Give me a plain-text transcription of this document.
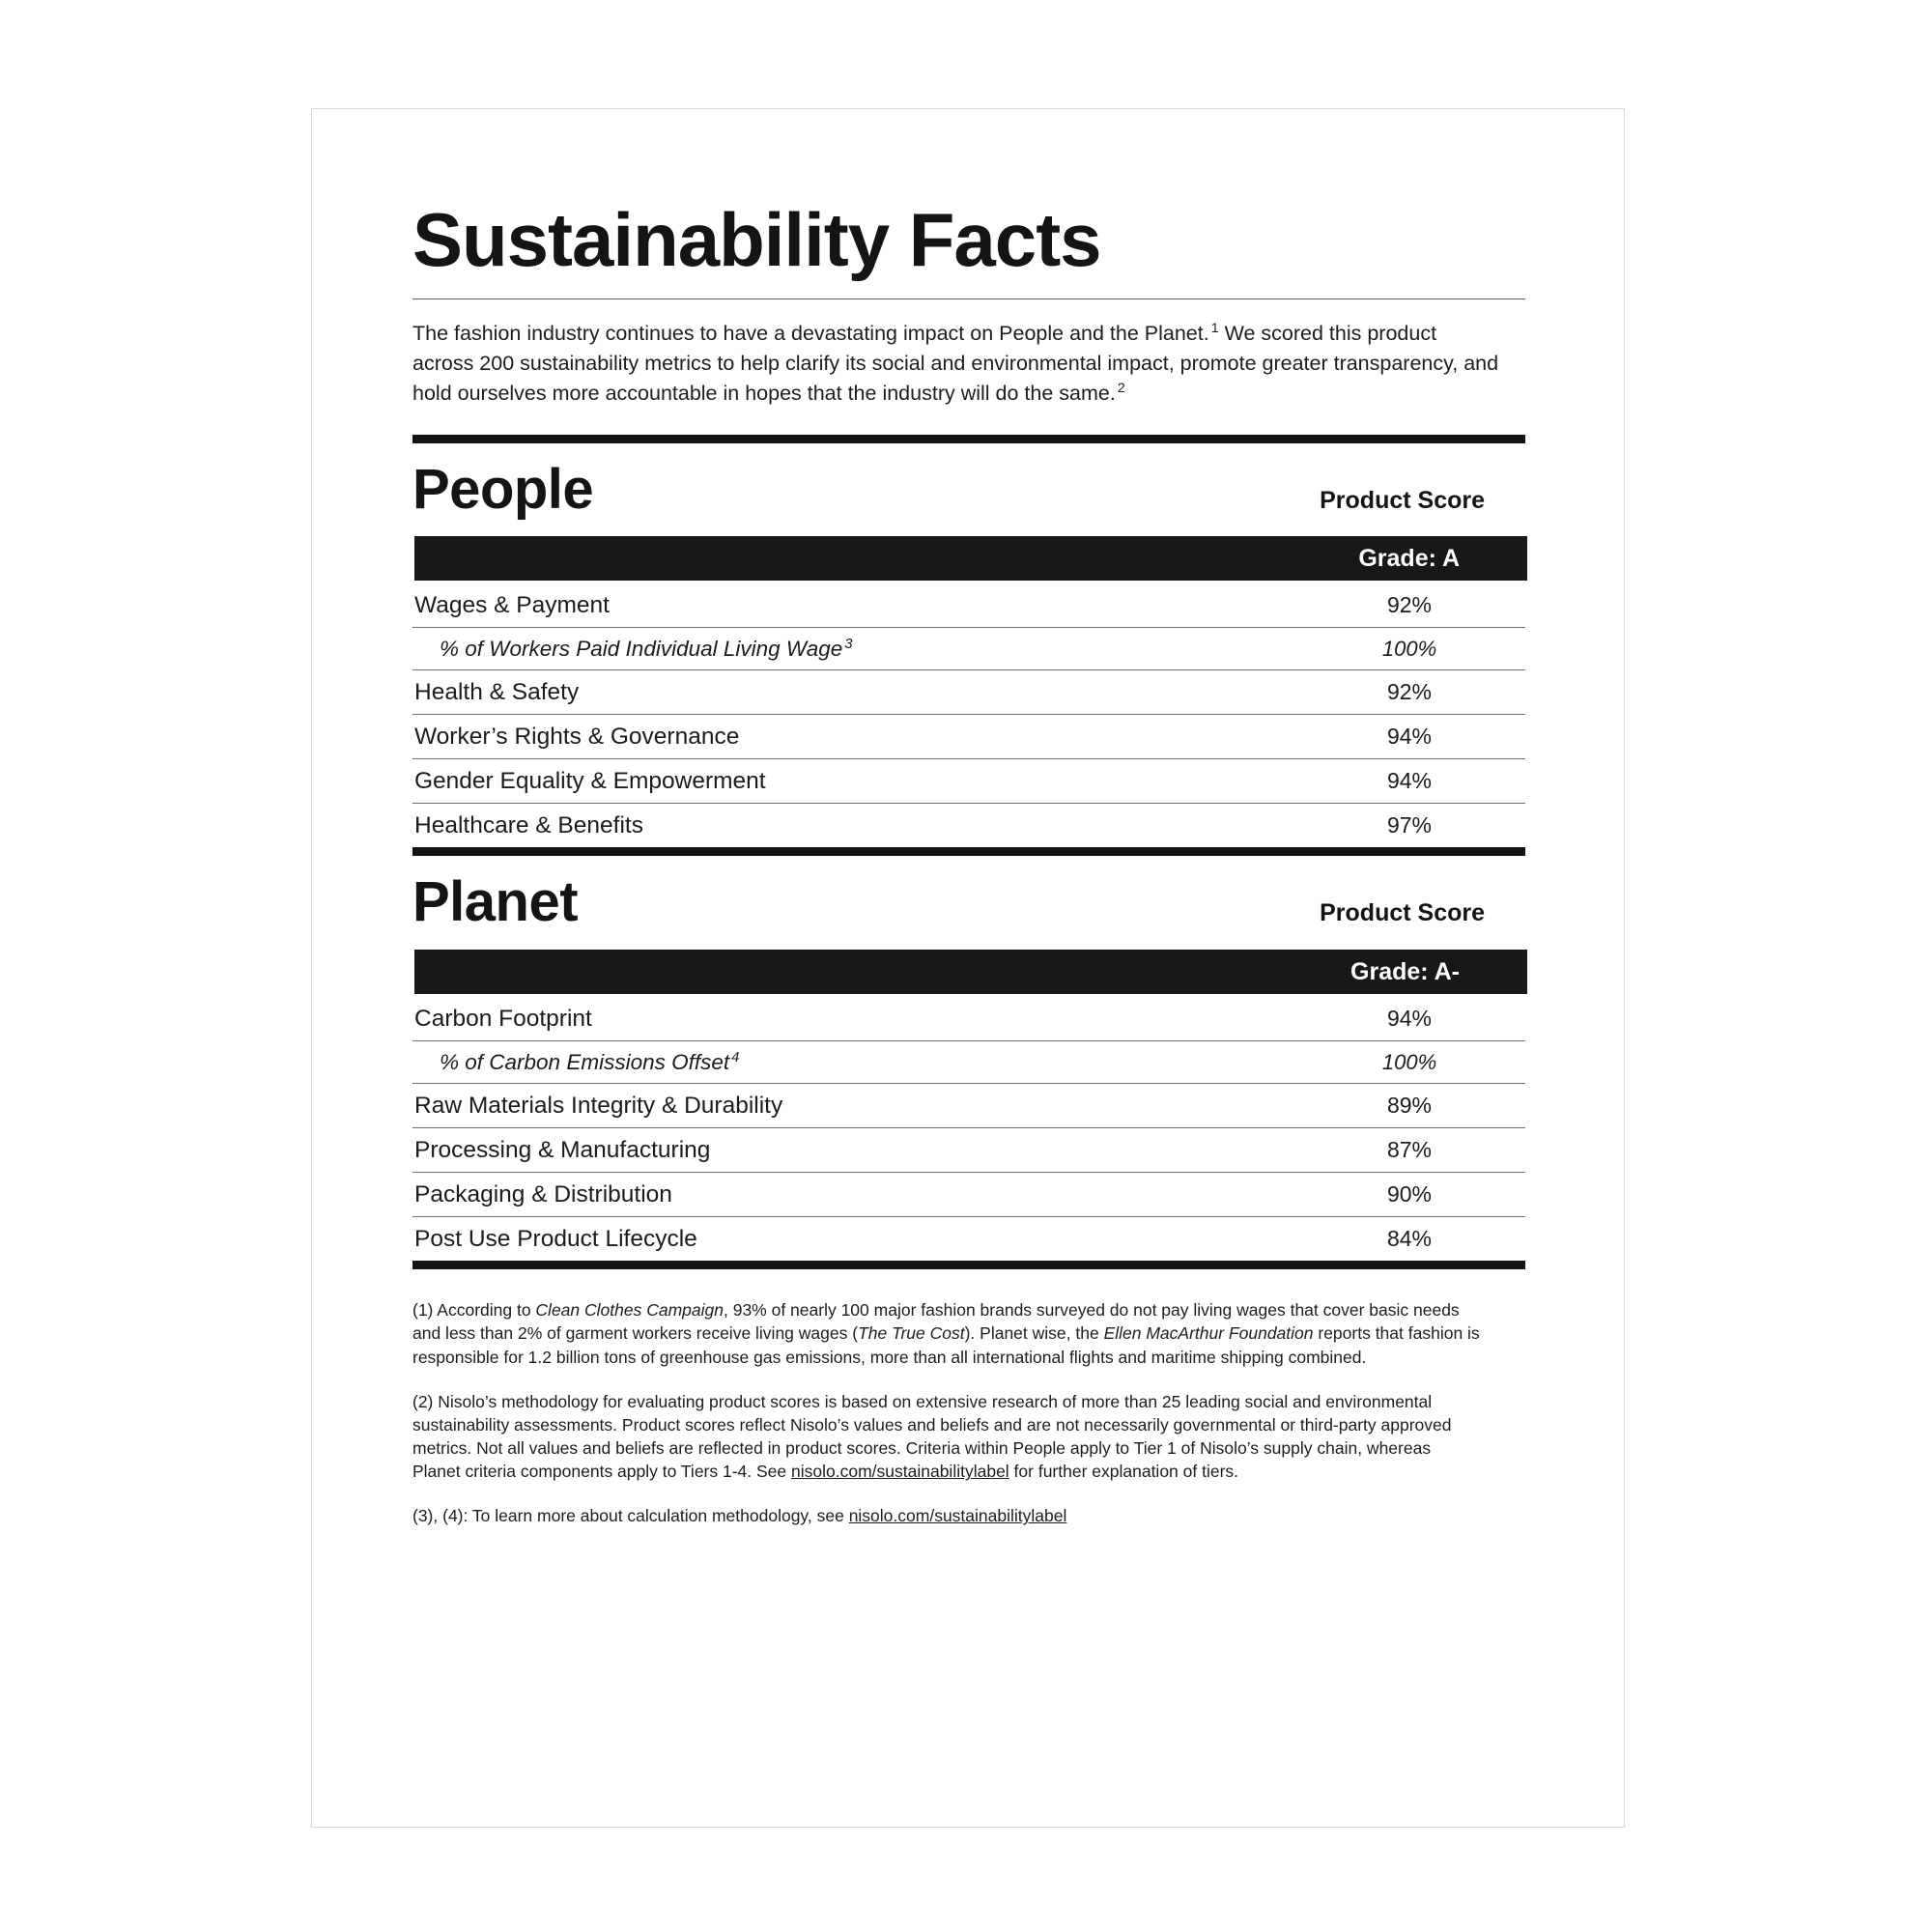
Sustainability Facts

The fashion industry continues to have a devastating impact on People and the Planet. $^1$ We scored this product across 200 sustainability metrics to help clarify its social and environmental impact, promote greater transparency, and hold ourselves more accountable in hopes that the industry will do the same. $^2$

People	Product Score
Grade: A
Wages & Payment	92%
% of Workers Paid Individual Living Wage $^3$	100%
Health & Safety	92%
Worker’s Rights & Governance	94%
Gender Equality & Empowerment	94%
Healthcare & Benefits	97%
Planet	Product Score
Grade: A-
Carbon Footprint	94%
% of Carbon Emissions Offset $^4$	100%
Raw Materials Integrity & Durability	89%
Processing & Manufacturing	87%
Packaging & Distribution	90%
Post Use Product Lifecycle	84%

(1) According to Clean Clothes Campaign, 93% of nearly 100 major fashion brands surveyed do not pay living wages that cover basic needs and less than 2% of garment workers receive living wages (The True Cost). Planet wise, the Ellen MacArthur Foundation reports that fashion is responsible for 1.2 billion tons of greenhouse gas emissions, more than all international flights and maritime shipping combined.

(2) Nisolo’s methodology for evaluating product scores is based on extensive research of more than 25 leading social and environmental sustainability assessments. Product scores reflect Nisolo’s values and beliefs and are not necessarily governmental or third-party approved metrics. Not all values and beliefs are reflected in product scores. Criteria within People apply to Tier 1 of Nisolo’s supply chain, whereas Planet criteria components apply to Tiers 1-4. See nisolo.com/sustainabilitylabel for further explanation of tiers.

(3), (4): To learn more about calculation methodology, see nisolo.com/sustainabilitylabel
